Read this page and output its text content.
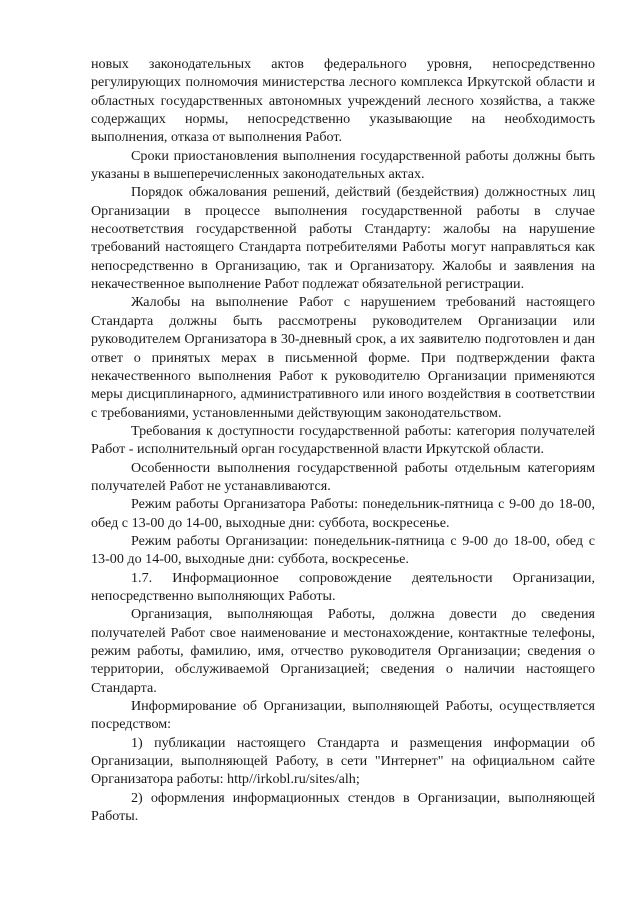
новых законодательных актов федерального уровня, непосредственно регулирующих полномочия министерства лесного комплекса Иркутской области и областных государственных автономных учреждений лесного хозяйства, а также содержащих нормы, непосредственно указывающие на необходимость выполнения, отказа от выполнения Работ.

Сроки приостановления выполнения государственной работы должны быть указаны в вышеперечисленных законодательных актах.

Порядок обжалования решений, действий (бездействия) должностных лиц Организации в процессе выполнения государственной работы в случае несоответствия государственной работы Стандарту: жалобы на нарушение требований настоящего Стандарта потребителями Работы могут направляться как непосредственно в Организацию, так и Организатору. Жалобы и заявления на некачественное выполнение Работ подлежат обязательной регистрации.

Жалобы на выполнение Работ с нарушением требований настоящего Стандарта должны быть рассмотрены руководителем Организации или руководителем Организатора в 30-дневный срок, а их заявителю подготовлен и дан ответ о принятых мерах в письменной форме. При подтверждении факта некачественного выполнения Работ к руководителю Организации применяются меры дисциплинарного, административного или иного воздействия в соответствии с требованиями, установленными действующим законодательством.

Требования к доступности государственной работы: категория получателей Работ - исполнительный орган государственной власти Иркутской области.

Особенности выполнения государственной работы отдельным категориям получателей Работ не устанавливаются.

Режим работы Организатора Работы: понедельник-пятница с 9-00 до 18-00, обед с 13-00 до 14-00, выходные дни: суббота, воскресенье.

Режим работы Организации: понедельник-пятница с 9-00 до 18-00, обед с 13-00 до 14-00, выходные дни: суббота, воскресенье.

1.7. Информационное сопровождение деятельности Организации, непосредственно выполняющих Работы.

Организация, выполняющая Работы, должна довести до сведения получателей Работ свое наименование и местонахождение, контактные телефоны, режим работы, фамилию, имя, отчество руководителя Организации; сведения о территории, обслуживаемой Организацией; сведения о наличии настоящего Стандарта.

Информирование об Организации, выполняющей Работы, осуществляется посредством:

1) публикации настоящего Стандарта и размещения информации об Организации, выполняющей Работу, в сети "Интернет" на официальном сайте Организатора работы: http//irkobl.ru/sites/alh;

2) оформления информационных стендов в Организации, выполняющей Работы.
